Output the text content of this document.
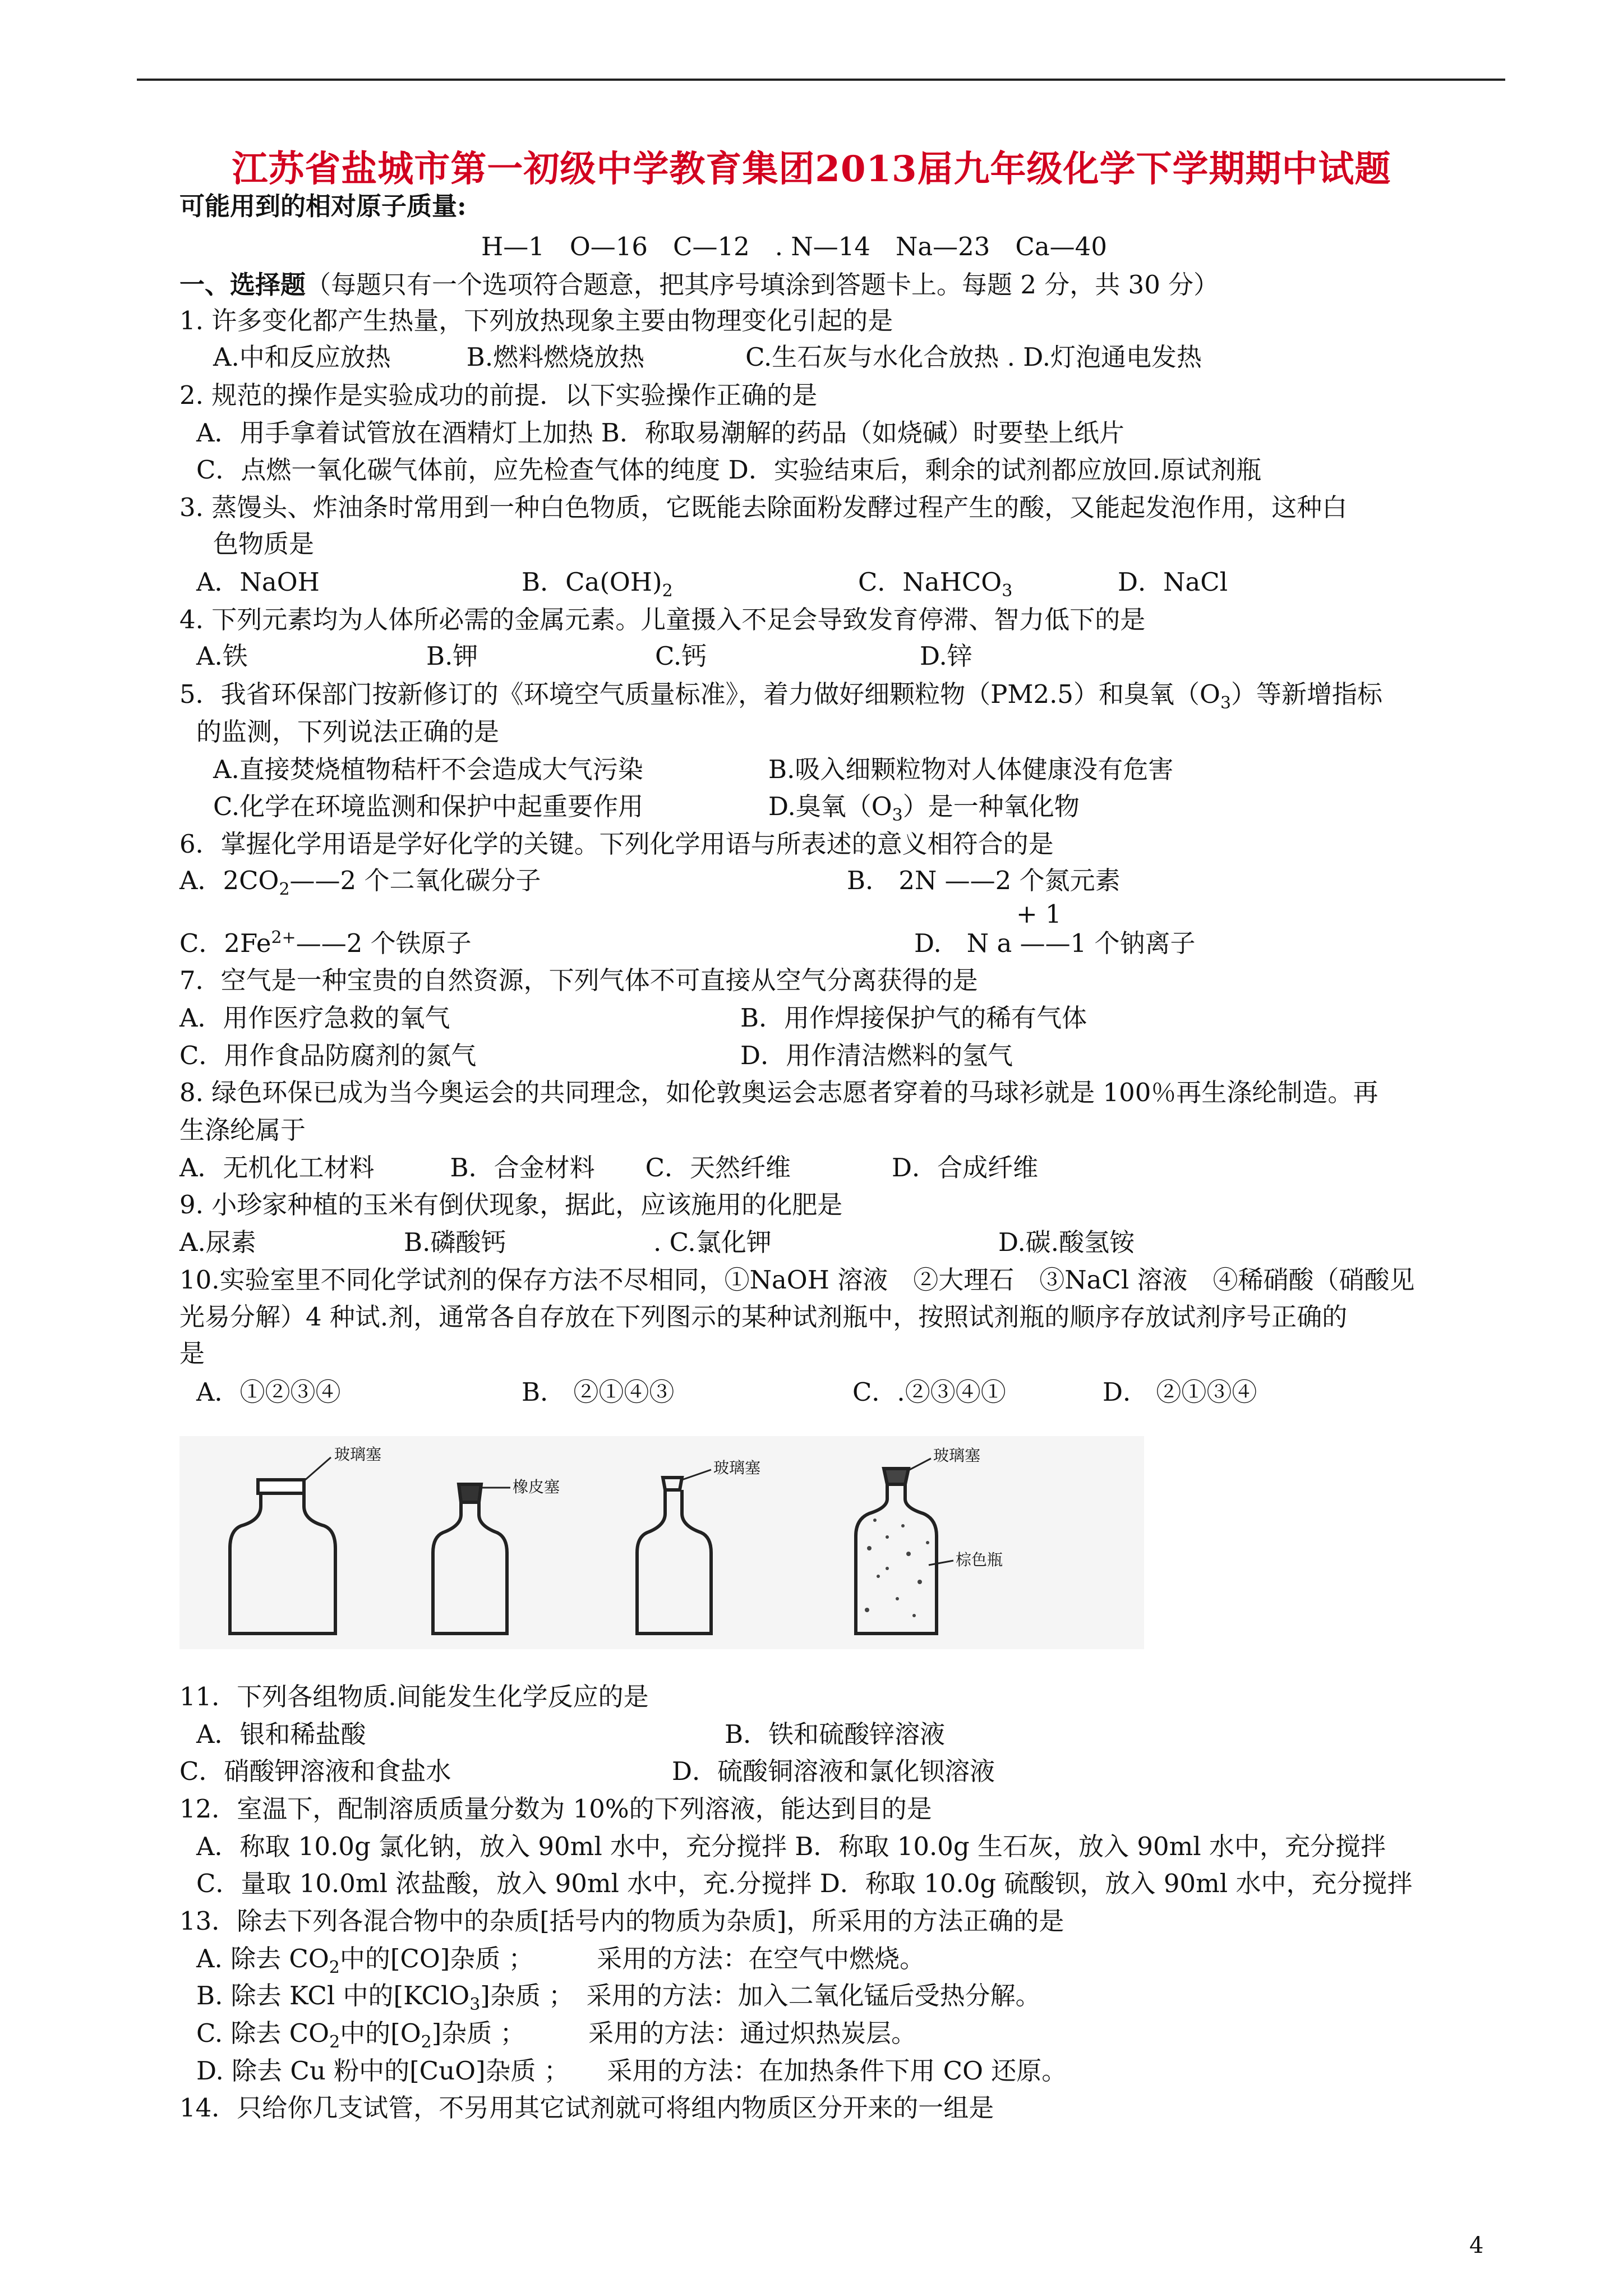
江苏省盐城市第一初级中学教育集团2013届九年级化学下学期期中试题
可能用到的相对原子质量:
H—1　O—16　C—12　. N—14　Na—23　Ca—40
一、选择题（每题只有一个选项符合题意，把其序号填涂到答题卡上。每题 2 分，共 30 分）
1. 许多变化都产生热量，下列放热现象主要由物理变化引起的是
A.中和反应放热　　　B.燃料燃烧放热　　　　C.生石灰与水化合放热 . D.灯泡通电发热
2. 规范的操作是实验成功的前提．以下实验操作正确的是
A．用手拿着试管放在酒精灯上加热 B．称取易潮解的药品（如烧碱）时要垫上纸片
C．点燃一氧化碳气体前，应先检查气体的纯度 D．实验结束后，剩余的试剂都应放回.原试剂瓶
3. 蒸馒头、炸油条时常用到一种白色物质，它既能去除面粉发酵过程产生的酸，又能起发泡作用，这种白
色物质是
A．NaOH	B．$Ca(OH)_2$	C．NaHCO$_3$	D．NaCl
4. 下列元素均为人体所必需的金属元素。儿童摄入不足会导致发育停滞、智力低下的是
A.铁	B.钾	C.钙	D.锌
5．我省环保部门按新修订的《环境空气质量标准》，着力做好细颗粒物（PM2.5）和臭氧$(O_3)$等新增指标
的监测，下列说法正确的是
A.直接焚烧植物秸杆不会造成大气污染	B.吸入细颗粒物对人体健康没有危害
C.化学在环境监测和保护中起重要作用	D.臭氧$(O_3)$是一种氧化物
6．掌握化学用语是学好化学的关键。下列化学用语与所表述的意义相符合的是
A．$2CO_2——2$ 个二氧化碳分子	B． 2N ——2 个氮元素
+ 1
C．$2Fe^{2+}——2$ 个铁原子	D.　N a ——1 个钠离子
7．空气是一种宝贵的自然资源，下列气体不可直接从空气分离获得的是
A．用作医疗急救的氧气	B．用作焊接保护气的稀有气体
C．用作食品防腐剂的氮气	D．用作清洁燃料的氢气
8. 绿色环保已成为当今奥运会的共同理念，如伦敦奥运会志愿者穿着的马球衫就是 100％再生涤纶制造。再
生涤纶属于
A．无机化工材料　　　B．合金材料　　C．天然纤维　　　　D．合成纤维
9. 小珍家种植的玉米有倒伏现象，据此，应该施用的化肥是
A.尿素	B.磷酸钙	. C.氯化钾	D.碳.酸氢铵
10.实验室里不同化学试剂的保存方法不尽相同，①NaOH 溶液　②大理石　③NaCl 溶液　④稀硝酸（硝酸见
光易分解）4 种试.剂，通常各自存放在下列图示的某种试剂瓶中，按照试剂瓶的顺序存放试剂序号正确的
是
A．①②③④	B． ②①④③	C．.②③④①	D． ②①③④
玻璃塞
橡皮塞
玻璃塞
玻璃塞
棕色瓶
11．下列各组物质.间能发生化学反应的是
A．银和稀盐酸	B．铁和硫酸锌溶液
C．硝酸钾溶液和食盐水	D．硫酸铜溶液和氯化钡溶液
12．室温下，配制溶质质量分数为 10%的下列溶液，能达到目的是
A．称取 10.0g 氯化钠，放入 90ml 水中，充分搅拌 B．称取 10.0g 生石灰，放入 90ml 水中，充分搅拌
C．量取 10.0ml 浓盐酸，放入 90ml 水中，充.分搅拌 D．称取 10.0g 硫酸钡，放入 90ml 水中，充分搅拌
13．除去下列各混合物中的杂质[括号内的物质为杂质]，所采用的方法正确的是
A. 除去 $CO_2$中的[CO]杂质 ；　　　采用的方法：在空气中燃烧。
B. 除去 KCl 中的[KClO$_3$]杂质 ；　采用的方法：加入二氧化锰后受热分解。
C. 除去 $CO_2$中的$[O_2]$杂质 ；　　　采用的方法：通过炽热炭层。
D. 除去 Cu 粉中的[CuO]杂质 ；　　采用的方法：在加热条件下用 CO 还原。
14．只给你几支试管，不另用其它试剂就可将组内物质区分开来的一组是
4
